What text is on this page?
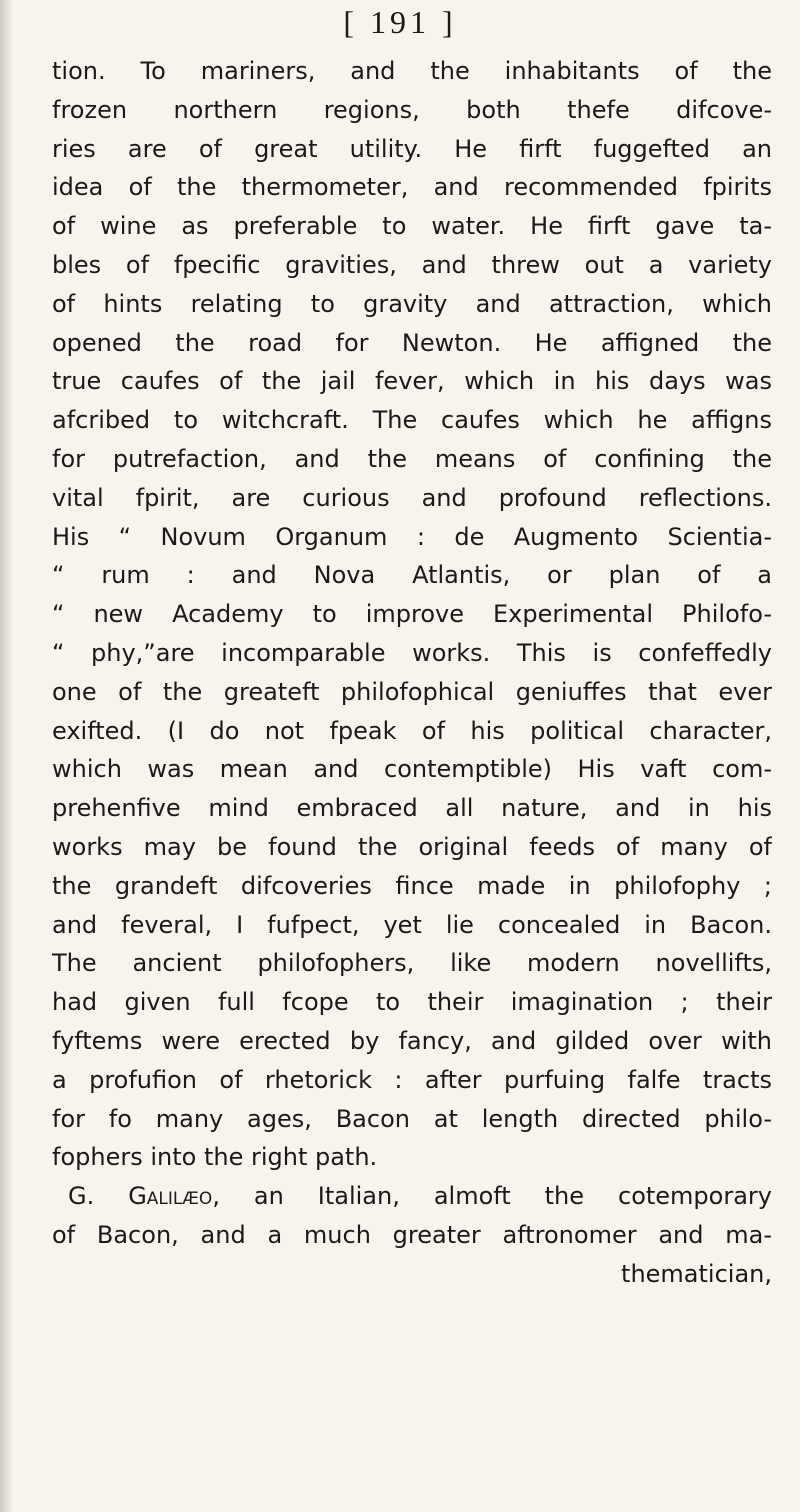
[ 191 ]
tion. To mariners, and the inhabitants of the
frozen northern regions, both thefe difcove-
ries are of great utility. He firft fuggefted an
idea of the thermometer, and recommended fpirits
of wine as preferable to water. He firft gave ta-
bles of fpecific gravities, and threw out a variety
of hints relating to gravity and attraction, which
opened the road for Newton. He affigned the
true caufes of the jail fever, which in his days was
afcribed to witchcraft. The caufes which he affigns
for putrefaction, and the means of confining the
vital fpirit, are curious and profound reflections.
His “ Novum Organum : de Augmento Scientia-
“ rum : and Nova Atlantis, or plan of a
“ new Academy to improve Experimental Philofo-
“ phy,”are incomparable works. This is confeffedly
one of the greateft philofophical geniuffes that ever
exifted. (I do not fpeak of his political character,
which was mean and contemptible) His vaft com-
prehenfive mind embraced all nature, and in his
works may be found the original feeds of many of
the grandeft difcoveries fince made in philofophy ;
and feveral, I fufpect, yet lie concealed in Bacon.
The ancient philofophers, like modern novellifts,
had given full fcope to their imagination ; their
fyftems were erected by fancy, and gilded over with
a profufion of rhetorick : after purfuing falfe tracts
for fo many ages, Bacon at length directed philo-
fophers into the right path.
G. Galilæo, an Italian, almoft the cotemporary
of Bacon, and a much greater aftronomer and ma-
thematician,
